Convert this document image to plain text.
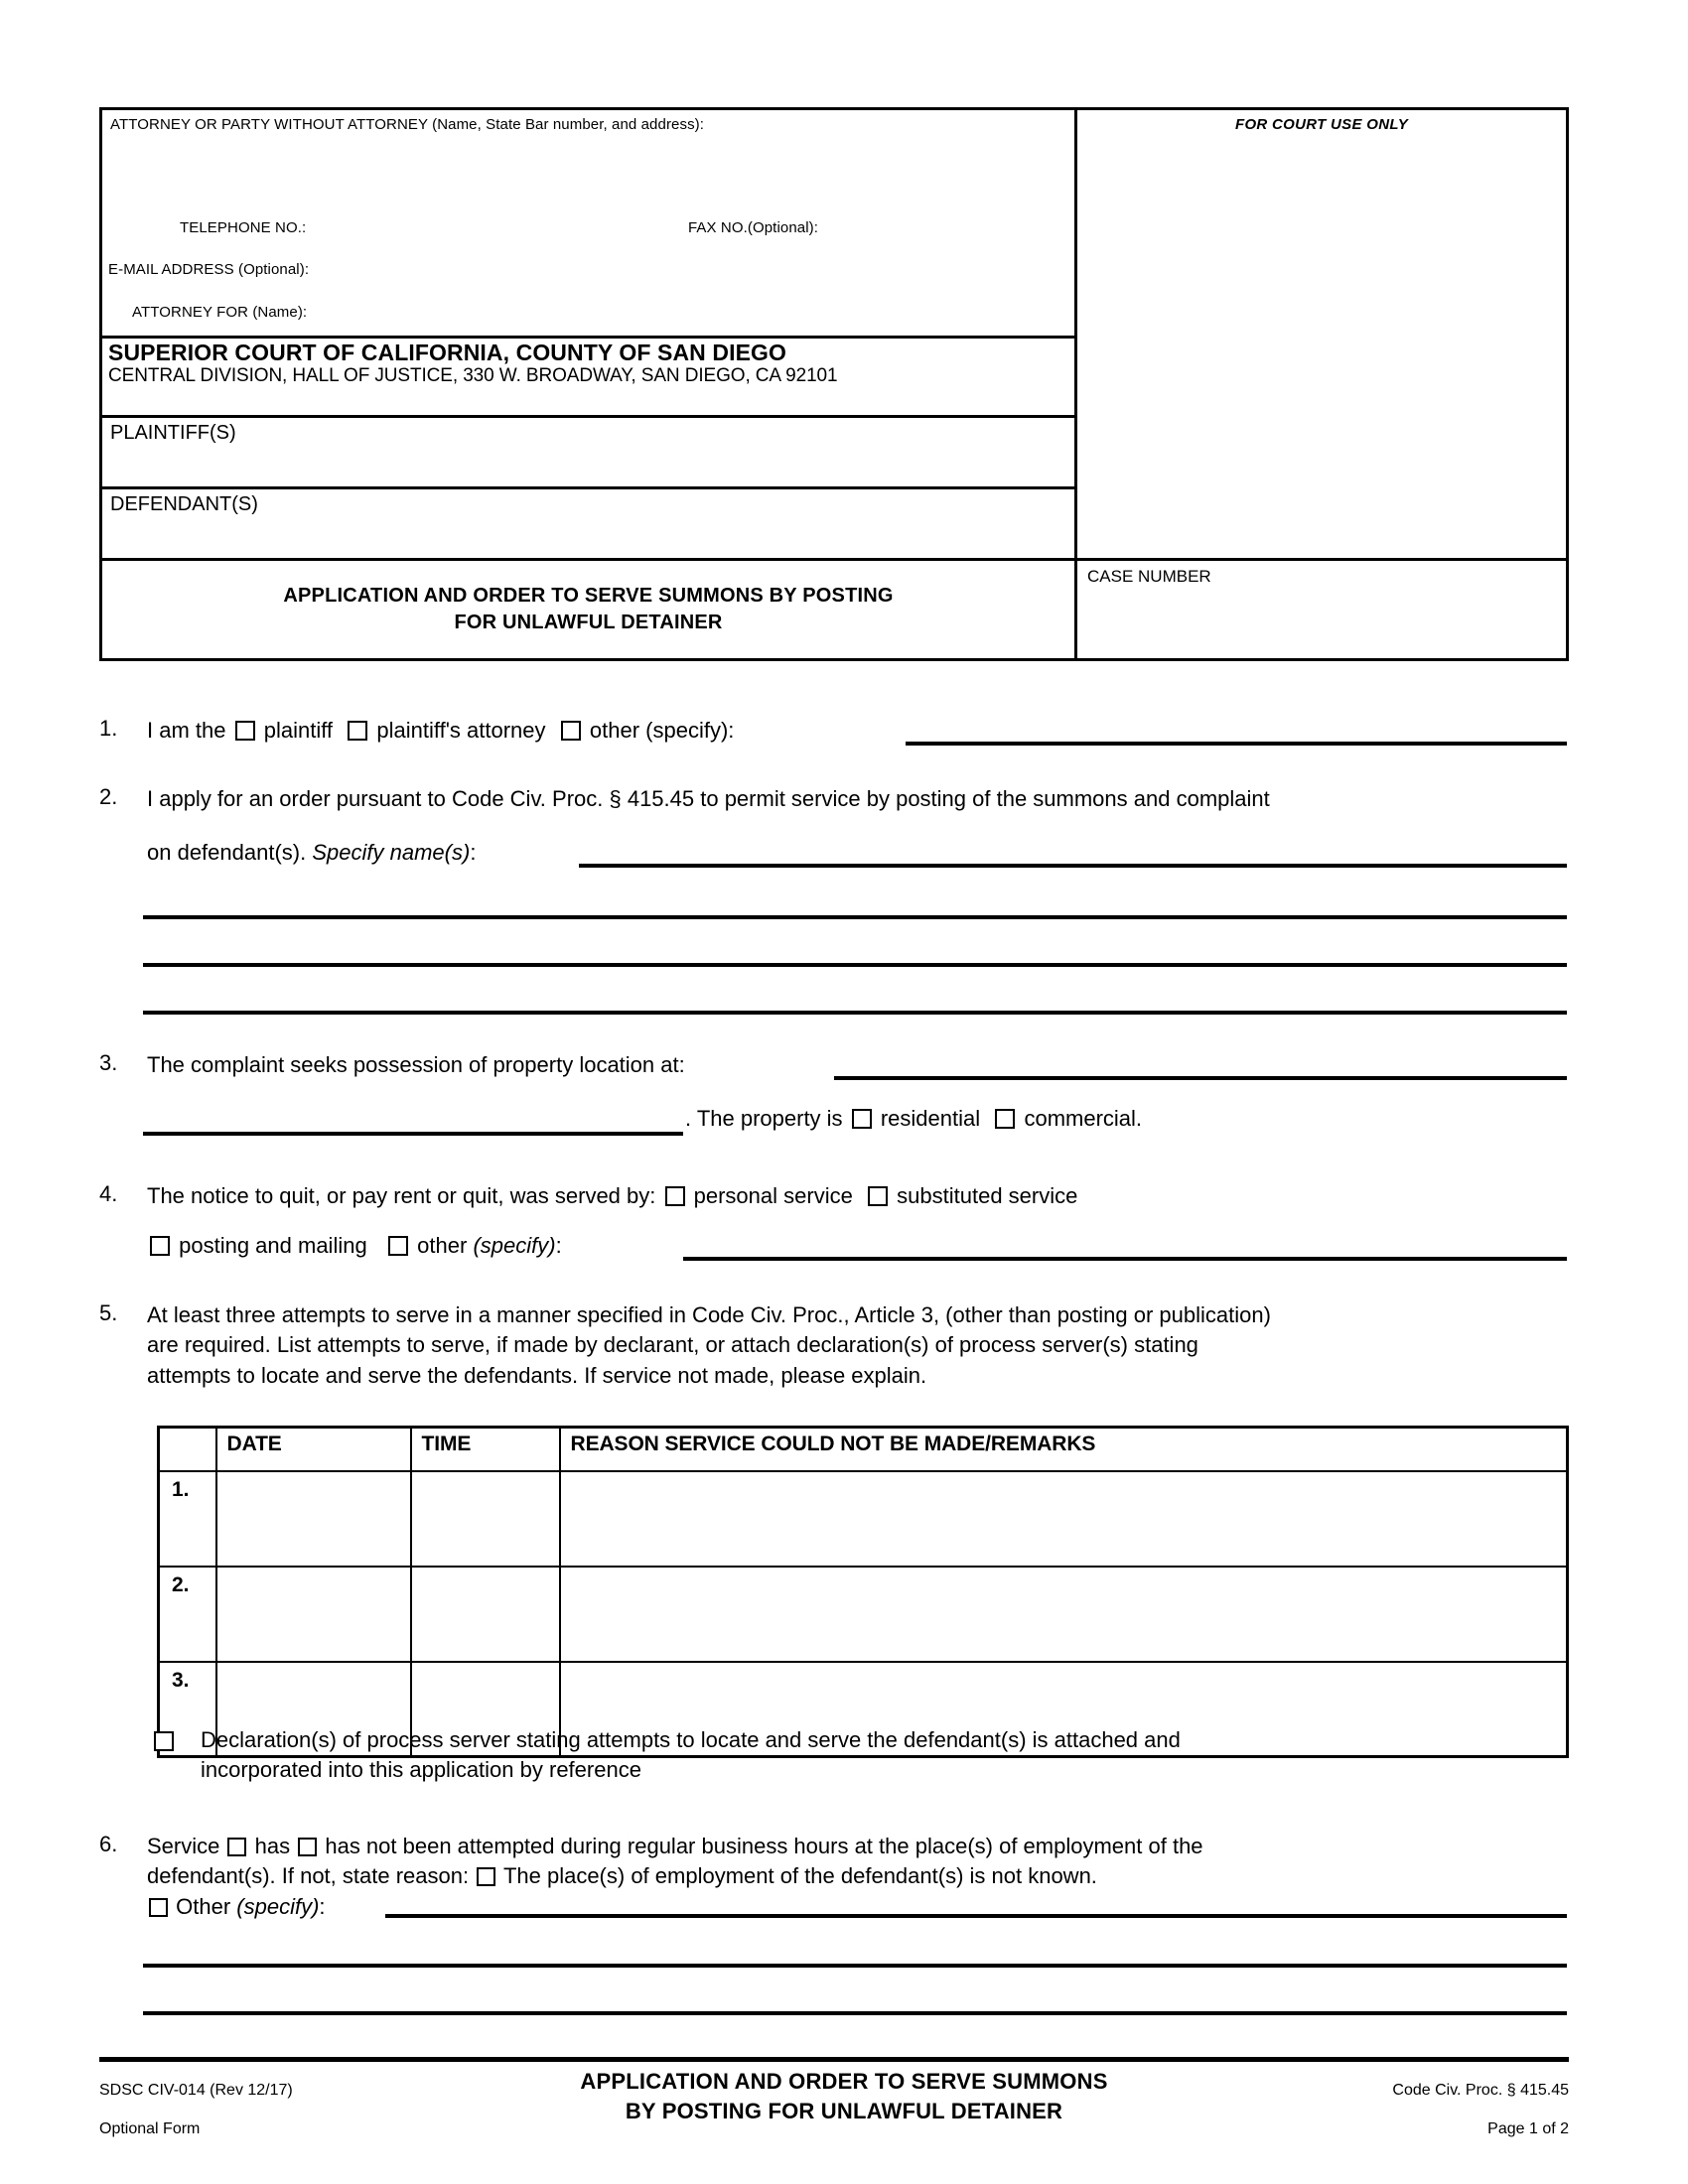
ATTORNEY OR PARTY WITHOUT ATTORNEY (Name, State Bar number, and address):
TELEPHONE NO.:	FAX NO.(Optional):
E-MAIL ADDRESS (Optional):
ATTORNEY FOR (Name):
SUPERIOR COURT OF CALIFORNIA, COUNTY OF SAN DIEGO
CENTRAL DIVISION, HALL OF JUSTICE, 330 W. BROADWAY, SAN DIEGO, CA 92101
PLAINTIFF(S)
DEFENDANT(S)
APPLICATION AND ORDER TO SERVE SUMMONS BY POSTING
FOR UNLAWFUL DETAINER
FOR COURT USE ONLY
CASE NUMBER
1.	I am the plaintiff plaintiff's attorney other (specify):
2.	I apply for an order pursuant to Code Civ. Proc. § 415.45 to permit service by posting of the summons and complaint
on defendant(s). Specify name(s):
3.	The complaint seeks possession of property location at:
. The property is residential commercial.
4.	The notice to quit, or pay rent or quit, was served by: personal service substituted service
posting and mailing other (specify):
5.	At least three attempts to serve in a manner specified in Code Civ. Proc., Article 3, (other than posting or publication)
are required. List attempts to serve, if made by declarant, or attach declaration(s) of process server(s) stating
attempts to locate and serve the defendants. If service not made, please explain.
	DATE	TIME	REASON SERVICE COULD NOT BE MADE/REMARKS
1.			
2.			
3.			
Declaration(s) of process server stating attempts to locate and serve the defendant(s) is attached and
incorporated into this application by reference
6.	Service has has not been attempted during regular business hours at the place(s) of employment of the
defendant(s). If not, state reason: The place(s) of employment of the defendant(s) is not known.
Other (specify):
SDSC CIV-014 (Rev 12/17)
Optional Form
APPLICATION AND ORDER TO SERVE SUMMONS
BY POSTING FOR UNLAWFUL DETAINER
Code Civ. Proc. § 415.45
Page 1 of 2
